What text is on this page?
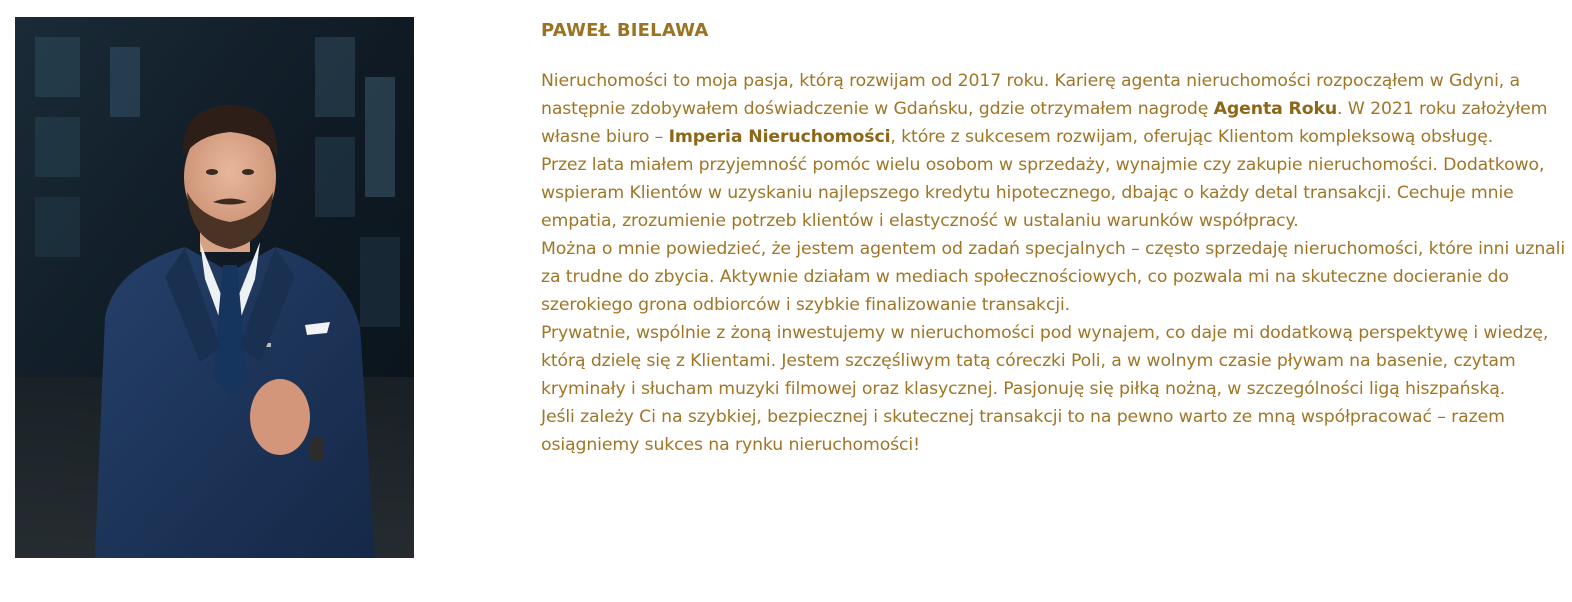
PAWEŁ BIELAWA

Nieruchomości to moja pasja, którą rozwijam od 2017 roku. Karierę agenta nieruchomości rozpocząłem w Gdyni, a następnie zdobywałem doświadczenie w Gdańsku, gdzie otrzymałem nagrodę Agenta Roku. W 2021 roku założyłem własne biuro – Imperia Nieruchomości, które z sukcesem rozwijam, oferując Klientom kompleksową obsługę.

Przez lata miałem przyjemność pomóc wielu osobom w sprzedaży, wynajmie czy zakupie nieruchomości. Dodatkowo, wspieram Klientów w uzyskaniu najlepszego kredytu hipotecznego, dbając o każdy detal transakcji. Cechuje mnie empatia, zrozumienie potrzeb klientów i elastyczność w ustalaniu warunków współpracy.

Można o mnie powiedzieć, że jestem agentem od zadań specjalnych – często sprzedaję nieruchomości, które inni uznali za trudne do zbycia. Aktywnie działam w mediach społecznościowych, co pozwala mi na skuteczne docieranie do szerokiego grona odbiorców i szybkie finalizowanie transakcji.

Prywatnie, wspólnie z żoną inwestujemy w nieruchomości pod wynajem, co daje mi dodatkową perspektywę i wiedzę, którą dzielę się z Klientami. Jestem szczęśliwym tatą córeczki Poli, a w wolnym czasie pływam na basenie, czytam kryminały i słucham muzyki filmowej oraz klasycznej. Pasjonuję się piłką nożną, w szczególności ligą hiszpańską.

Jeśli zależy Ci na szybkiej, bezpiecznej i skutecznej transakcji to na pewno warto ze mną współpracować – razem osiągniemy sukces na rynku nieruchomości!
